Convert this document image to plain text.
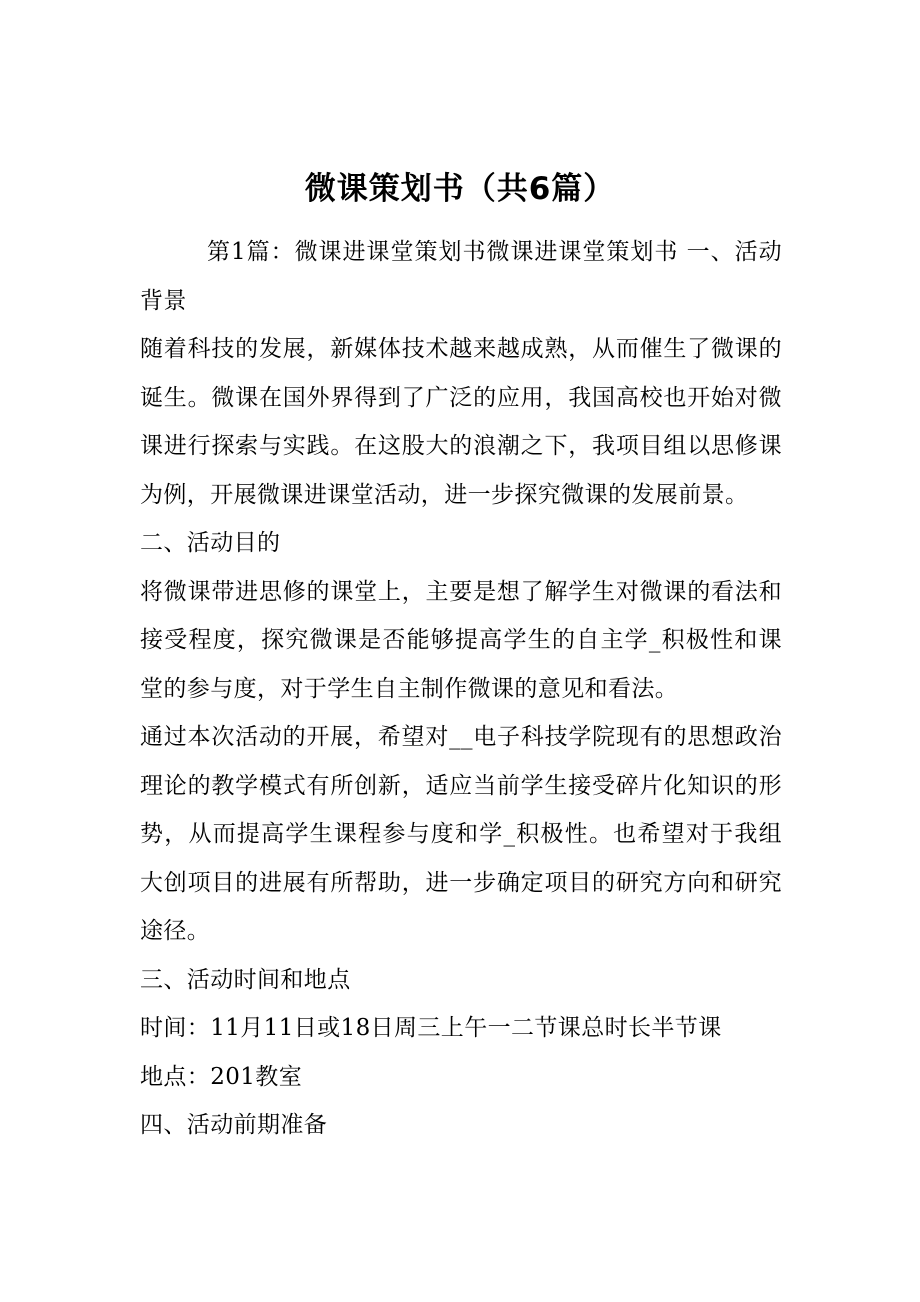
微课策划书（共6篇）

第1篇：微课进课堂策划书微课进课堂策划书 一、活动背景

随着科技的发展，新媒体技术越来越成熟，从而催生了微课的诞生。微课在国外界得到了广泛的应用，我国高校也开始对微课进行探索与实践。在这股大的浪潮之下，我项目组以思修课为例，开展微课进课堂活动，进一步探究微课的发展前景。

二、活动目的

将微课带进思修的课堂上，主要是想了解学生对微课的看法和接受程度，探究微课是否能够提高学生的自主学_积极性和课堂的参与度，对于学生自主制作微课的意见和看法。

通过本次活动的开展，希望对__电子科技学院现有的思想政治理论的教学模式有所创新，适应当前学生接受碎片化知识的形势，从而提高学生课程参与度和学_积极性。也希望对于我组大创项目的进展有所帮助，进一步确定项目的研究方向和研究途径。

三、活动时间和地点

时间：11月11日或18日周三上午一二节课总时长半节课

地点：201教室

四、活动前期准备
